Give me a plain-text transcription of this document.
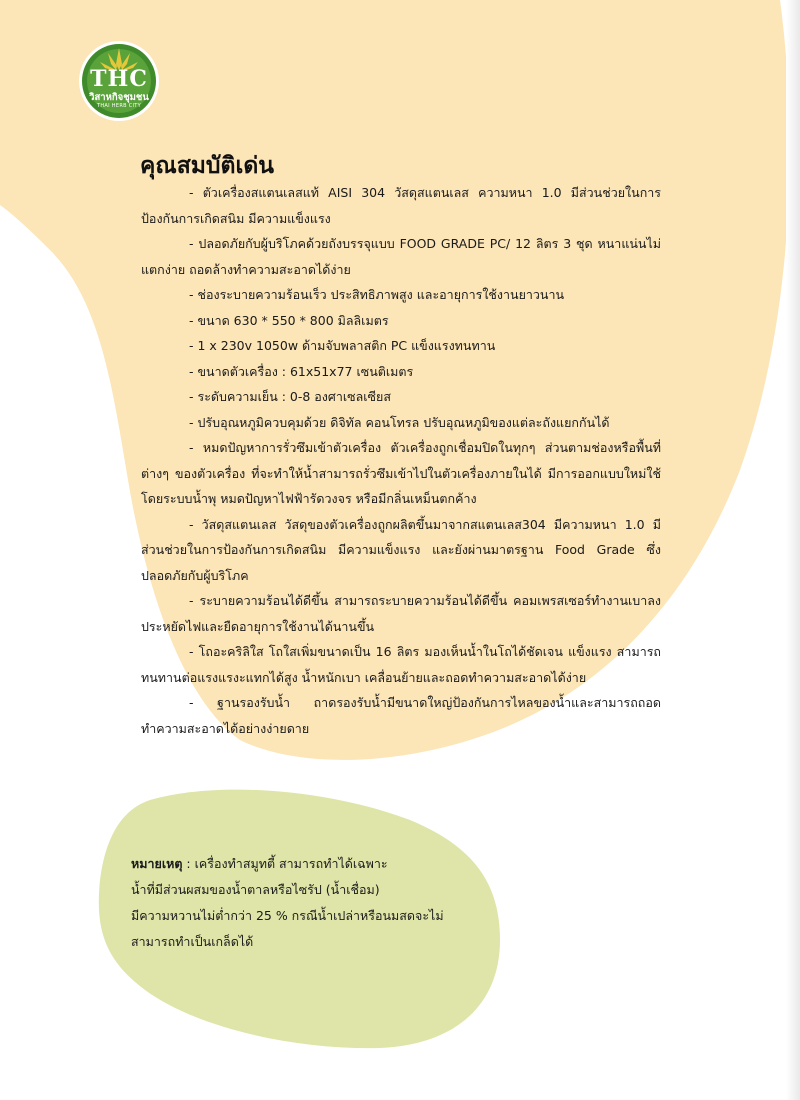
THC
วิสาหกิจชุมชน
THAI HERB CITY
คุณสมบัติเด่น

- ตัวเครื่องสแตนเลสแท้ AISI 304 วัสดุสแตนเลส ความหนา 1.0 มีส่วนช่วยในการป้องกันการเกิดสนิม มีความแข็งแรง

- ปลอดภัยกับผู้บริโภคด้วยถังบรรจุแบบ FOOD GRADE PC/ 12 ลิตร 3 ชุด หนาแน่นไม่แตกง่าย ถอดล้างทำความสะอาดได้ง่าย

- ช่องระบายความร้อนเร็ว ประสิทธิภาพสูง และอายุการใช้งานยาวนาน

- ขนาด 630 * 550 * 800 มิลลิเมตร

- 1 x 230v 1050w ด้ามจับพลาสติก PC แข็งแรงทนทาน

- ขนาดตัวเครื่อง : 61x51x77 เซนติเมตร

- ระดับความเย็น : 0-8 องศาเซลเซียส

- ปรับอุณหภูมิควบคุมด้วย ดิจิทัล คอนโทรล ปรับอุณหภูมิของแต่ละถังแยกกันได้

- หมดปัญหาการรั่วซึมเข้าตัวเครื่อง ตัวเครื่องถูกเชื่อมปิดในทุกๆ ส่วนตามช่องหรือพื้นที่ต่างๆ ของตัวเครื่อง ที่จะทำให้น้ำสามารถรั่วซึมเข้าไปในตัวเครื่องภายในได้ มีการออกแบบใหม่ใช้โดยระบบน้ำพุ หมดปัญหาไฟฟ้ารัดวงจร หรือมีกลิ่นเหม็นตกค้าง

- วัสดุสแตนเลส วัสดุของตัวเครื่องถูกผลิตขึ้นมาจากสแตนเลส304 มีความหนา 1.0 มีส่วนช่วยในการป้องกันการเกิดสนิม มีความแข็งแรง และยังผ่านมาตรฐาน Food Grade ซึ่งปลอดภัยกับผู้บริโภค

- ระบายความร้อนได้ดีขึ้น สามารถระบายความร้อนได้ดีขึ้น คอมเพรสเซอร์ทำงานเบาลง ประหยัดไฟและยืดอายุการใช้งานได้นานขึ้น

- โถอะคริลิใส โถใสเพิ่มขนาดเป็น 16 ลิตร มองเห็นน้ำในโถได้ชัดเจน แข็งแรง สามารถทนทานต่อแรงแรงะแทกได้สูง น้ำหนักเบา เคลื่อนย้ายและถอดทำความสะอาดได้ง่าย

- ฐานรองรับน้ำ ถาดรองรับน้ำมีขนาดใหญ่ป้องกันการไหลของน้ำและสามารถถอดทำความสะอาดได้อย่างง่ายดาย

หมายเหตุ : เครื่องทำสมูทตี้ สามารถทำได้เฉพาะ
น้ำที่มีส่วนผสมของน้ำตาลหรือไซรัป (น้ำเชื่อม)
มีความหวานไม่ต่ำกว่า 25 % กรณีน้ำเปล่าหรือนมสดจะไม่
สามารถทำเป็นเกล็ดได้
